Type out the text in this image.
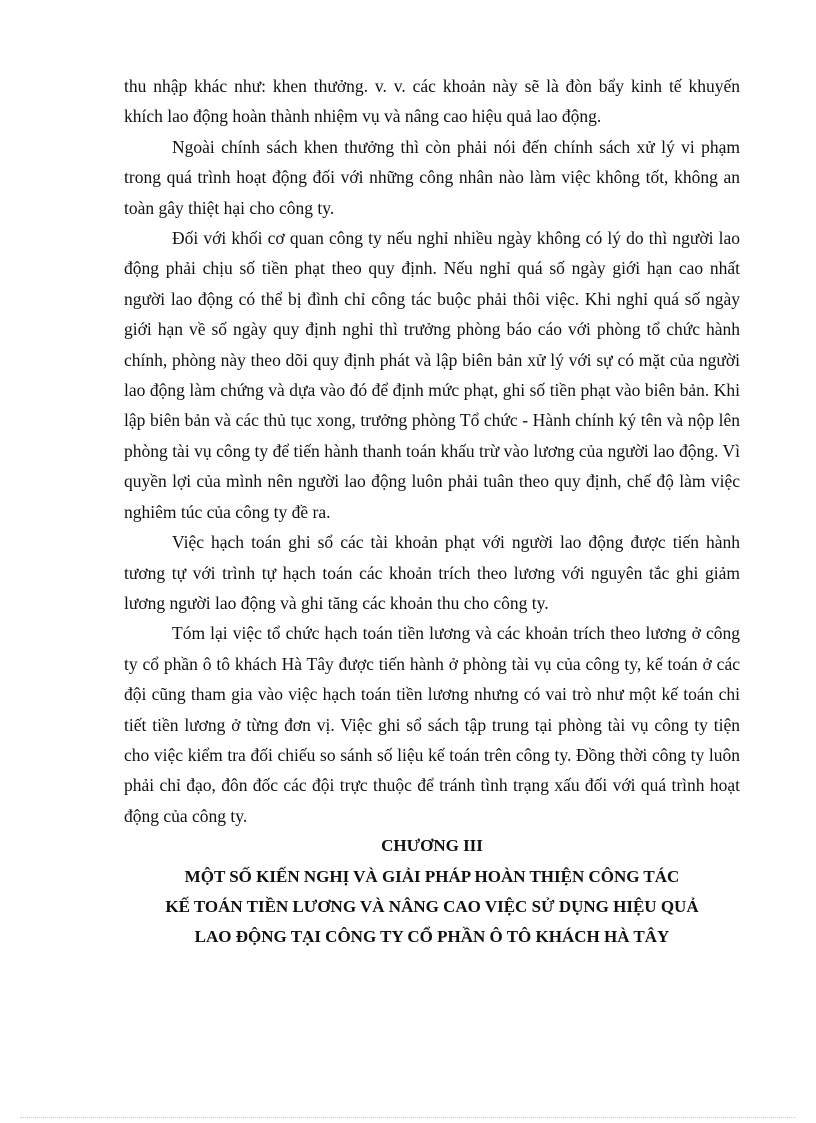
thu nhập khác như: khen thưởng. v. v. các khoản này sẽ là đòn bẩy kinh tế khuyến khích lao động hoàn thành nhiệm vụ và nâng cao hiệu quả lao động.

Ngoài chính sách khen thưởng thì còn phải nói đến chính sách xử lý vi phạm trong quá trình hoạt động đối với những công nhân nào làm việc không tốt, không an toàn gây thiệt hại cho công ty.

Đối với khối cơ quan công ty nếu nghỉ nhiều ngày không có lý do thì người lao động phải chịu số tiền phạt theo quy định. Nếu nghỉ quá số ngày giới hạn cao nhất người lao động có thể bị đình chỉ công tác buộc phải thôi việc. Khi nghỉ quá số ngày giới hạn về số ngày quy định nghỉ thì trưởng phòng báo cáo với phòng tổ chức hành chính, phòng này theo dõi quy định phát và lập biên bản xử lý với sự có mặt của người lao động làm chứng và dựa vào đó để định mức phạt, ghi số tiền phạt vào biên bản. Khi lập biên bản và các thủ tục xong, trưởng phòng Tổ chức - Hành chính ký tên và nộp lên phòng tài vụ công ty để tiến hành thanh toán khấu trừ vào lương của người lao động. Vì quyền lợi của mình nên người lao động luôn phải tuân theo quy định, chế độ làm việc nghiêm túc của công ty đề ra.

Việc hạch toán ghi sổ các tài khoản phạt với người lao động được tiến hành tương tự với trình tự hạch toán các khoản trích theo lương với nguyên tắc ghi giảm lương người lao động và ghi tăng các khoản thu cho công ty.

Tóm lại việc tổ chức hạch toán tiền lương và các khoản trích theo lương ở công ty cổ phần ô tô khách Hà Tây được tiến hành ở phòng tài vụ của công ty, kế toán ở các đội cũng tham gia vào việc hạch toán tiền lương nhưng có vai trò như một kế toán chi tiết tiền lương ở từng đơn vị. Việc ghi sổ sách tập trung tại phòng tài vụ công ty tiện cho việc kiểm tra đối chiếu so sánh số liệu kế toán trên công ty. Đồng thời công ty luôn phải chỉ đạo, đôn đốc các đội trực thuộc để tránh tình trạng xấu đối với quá trình hoạt động của công ty.

CHƯƠNG III

MỘT SỐ KIẾN NGHỊ VÀ GIẢI PHÁP HOÀN THIỆN CÔNG TÁC

KẾ TOÁN TIỀN LƯƠNG VÀ NÂNG CAO VIỆC SỬ DỤNG HIỆU QUẢ

LAO ĐỘNG TẠI CÔNG TY CỔ PHẦN Ô TÔ KHÁCH HÀ TÂY
